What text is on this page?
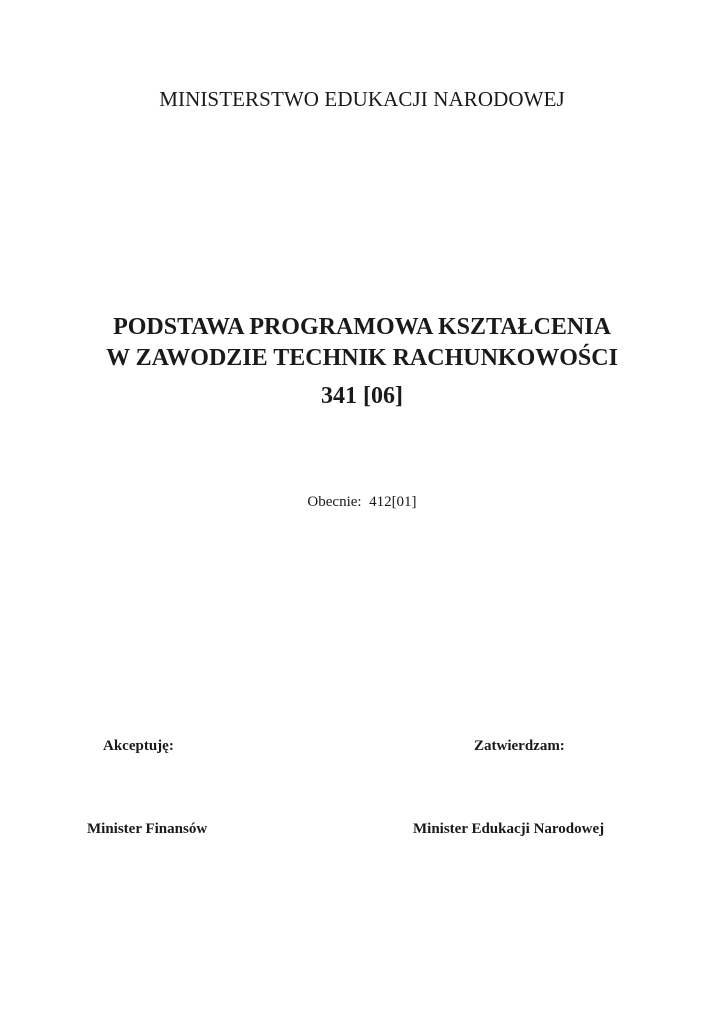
MINISTERSTWO EDUKACJI NARODOWEJ
PODSTAWA PROGRAMOWA KSZTAŁCENIA
W ZAWODZIE TECHNIK RACHUNKOWOŚCI
341 [06]
Obecnie: 412[01]
Akceptuję:	Zatwierdzam:
Minister Finansów	Minister Edukacji Narodowej
